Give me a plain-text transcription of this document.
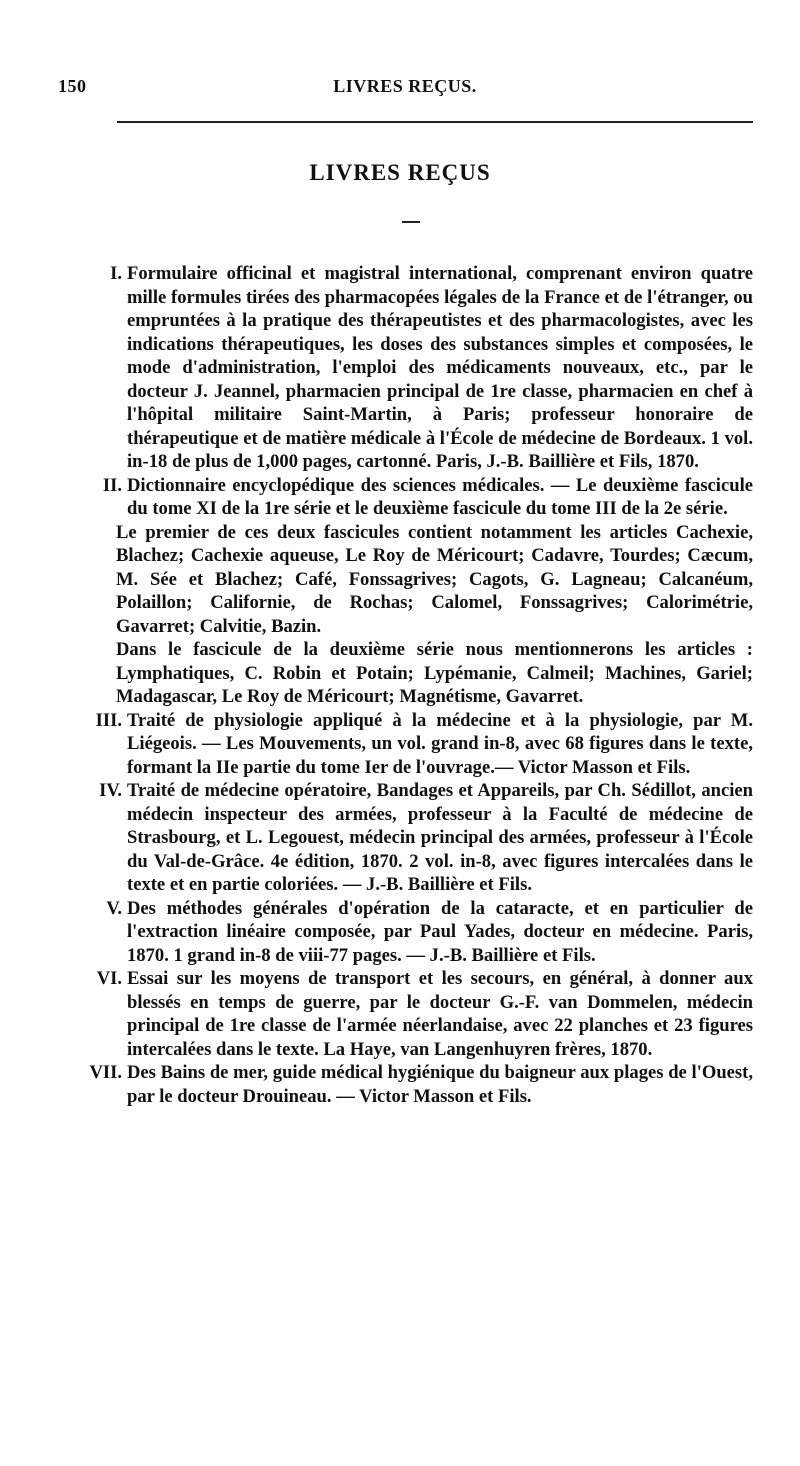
150	LIVRES REÇUS.
LIVRES REÇUS
I. Formulaire officinal et magistral international, comprenant environ quatre mille formules tirées des pharmacopées légales de la France et de l'étranger, ou empruntées à la pratique des thérapeutistes et des pharmacologistes, avec les indications thérapeutiques, les doses des substances simples et composées, le mode d'administration, l'emploi des médicaments nouveaux, etc., par le docteur J. Jeannel, pharmacien principal de 1re classe, pharmacien en chef à l'hôpital militaire Saint-Martin, à Paris; professeur honoraire de thérapeutique et de matière médicale à l'École de médecine de Bordeaux. 1 vol. in-18 de plus de 1,000 pages, cartonné. Paris, J.-B. Baillière et Fils, 1870.
II. Dictionnaire encyclopédique des sciences médicales. — Le deuxième fascicule du tome XI de la 1re série et le deuxième fascicule du tome III de la 2e série.
Le premier de ces deux fascicules contient notamment les articles Cachexie, Blachez; Cachexie aqueuse, Le Roy de Méricourt; Cadavre, Tourdes; Cæcum, M. Sée et Blachez; Café, Fonssagrives; Cagots, G. Lagneau; Calcanéum, Polaillon; Californie, de Rochas; Calomel, Fonssagrives; Calorimétrie, Gavarret; Calvitie, Bazin.
Dans le fascicule de la deuxième série nous mentionnerons les articles : Lymphatiques, C. Robin et Potain; Lypémanie, Calmeil; Machines, Gariel; Madagascar, Le Roy de Méricourt; Magnétisme, Gavarret.
III. Traité de physiologie appliqué à la médecine et à la physiologie, par M. Liégeois. — Les Mouvements, un vol. grand in-8, avec 68 figures dans le texte, formant la IIe partie du tome Ier de l'ouvrage.— Victor Masson et Fils.
IV. Traité de médecine opératoire, Bandages et Appareils, par Ch. Sédillot, ancien médecin inspecteur des armées, professeur à la Faculté de médecine de Strasbourg, et L. Legouest, médecin principal des armées, professeur à l'École du Val-de-Grâce. 4e édition, 1870. 2 vol. in-8, avec figures intercalées dans le texte et en partie coloriées. — J.-B. Baillière et Fils.
V. Des méthodes générales d'opération de la cataracte, et en particulier de l'extraction linéaire composée, par Paul Yades, docteur en médecine. Paris, 1870. 1 grand in-8 de viii-77 pages. — J.-B. Baillière et Fils.
VI. Essai sur les moyens de transport et les secours, en général, à donner aux blessés en temps de guerre, par le docteur G.-F. van Dommelen, médecin principal de 1re classe de l'armée néerlandaise, avec 22 planches et 23 figures intercalées dans le texte. La Haye, van Langenhuyren frères, 1870.
VII. Des Bains de mer, guide médical hygiénique du baigneur aux plages de l'Ouest, par le docteur Drouineau. — Victor Masson et Fils.
